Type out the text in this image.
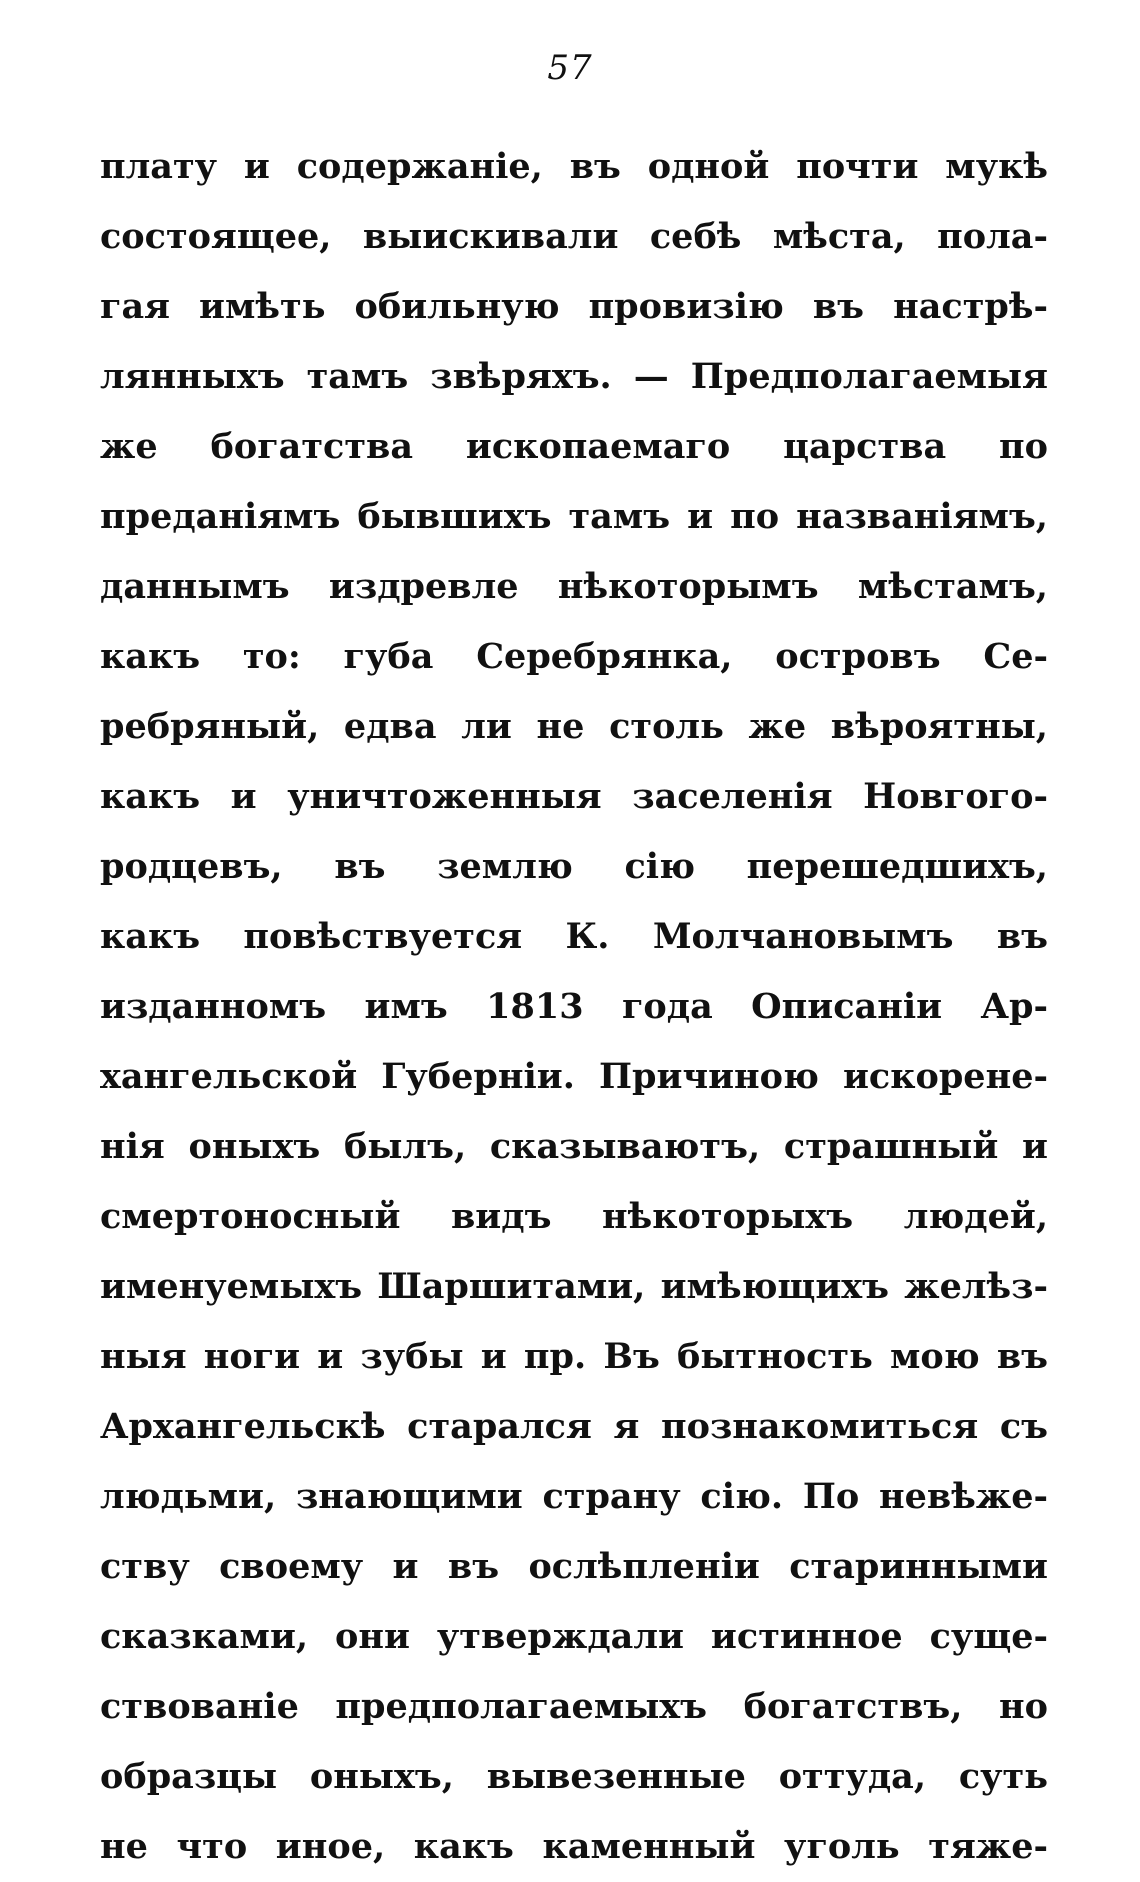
57
плату и содержаніе, въ одной почти мукѣ
состоящее, выискивали себѣ мѣста, пола-
гая имѣть обильную провизію въ настрѣ-
лянныхъ тамъ звѣряхъ. — Предполагаемыя
же богатства ископаемаго царства по
преданіямъ бывшихъ тамъ и по названіямъ,
даннымъ издревле нѣкоторымъ мѣстамъ,
какъ то: губа Серебрянка, островъ Се-
ребряный, едва ли не столь же вѣроятны,
какъ и уничтоженныя заселенія Новгого-
родцевъ, въ землю сію перешедшихъ,
какъ повѣствуется К. Молчановымъ въ
изданномъ имъ 1813 года Описаніи Ар-
хангельской Губерніи. Причиною искорене-
нія оныхъ былъ, сказываютъ, страшный и
смертоносный видъ нѣкоторыхъ людей,
именуемыхъ Шаршитами, имѣющихъ желѣз-
ныя ноги и зубы и пр. Въ бытность мою въ
Архангельскѣ старался я познакомиться съ
людьми, знающими страну сію. По невѣже-
ству своему и въ ослѣпленіи старинными
сказками, они утверждали истинное суще-
ствованіе предполагаемыхъ богатствъ, но
образцы оныхъ, вывезенные оттуда, суть
не что иное, какъ каменный уголь тяже-
